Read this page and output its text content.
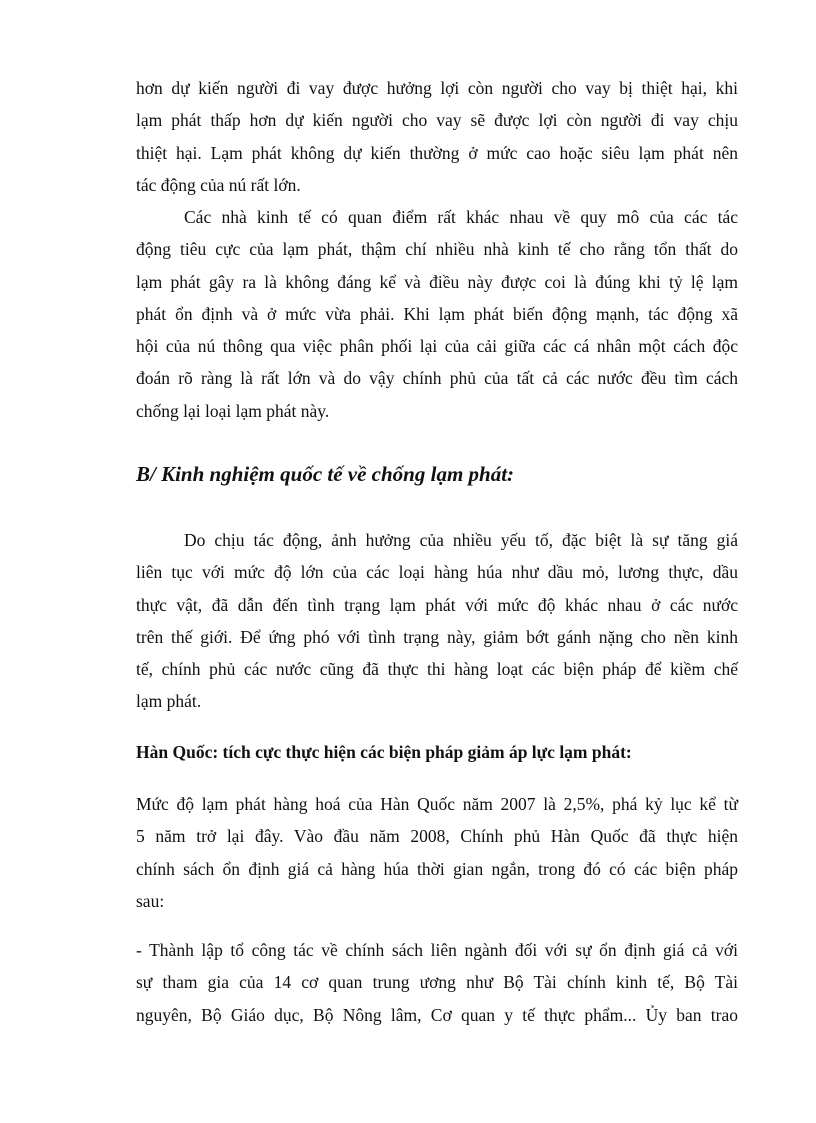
hơn dự kiến người đi vay được hưởng lợi còn người cho vay bị thiệt hại, khi
lạm phát thấp hơn dự kiến người cho vay sẽ được lợi còn người đi vay chịu
thiệt hại. Lạm phát không dự kiến thường ở mức cao hoặc siêu lạm phát nên
tác động của nú rất lớn.
Các nhà kinh tế có quan điểm rất khác nhau về quy mô của các tác
động tiêu cực của lạm phát, thậm chí nhiều nhà kinh tế cho rằng tổn thất do
lạm phát gây ra là không đáng kể và điều này được coi là đúng khi tỷ lệ lạm
phát ổn định và ở mức vừa phải. Khi lạm phát biến động mạnh, tác động xã
hội của nú thông qua việc phân phối lại của cải giữa các cá nhân một cách độc
đoán rõ ràng là rất lớn và do vậy chính phủ của tất cả các nước đều tìm cách
chống lại loại lạm phát này.
B/ Kinh nghiệm quốc tế về chống lạm phát:
Do chịu tác động, ảnh hưởng của nhiều yếu tố, đặc biệt là sự tăng giá
liên tục với mức độ lớn của các loại hàng húa như dầu mỏ, lương thực, dầu
thực vật, đã dẫn đến tình trạng lạm phát với mức độ khác nhau ở các nước
trên thế giới. Để ứng phó với tình trạng này, giảm bớt gánh nặng cho nền kinh
tế, chính phủ các nước cũng đã thực thi hàng loạt các biện pháp để kiềm chế
lạm phát.
Hàn Quốc: tích cực thực hiện các biện pháp giảm áp lực lạm phát:
Mức độ lạm phát hàng hoá của Hàn Quốc năm 2007 là 2,5%, phá kỷ lục kể từ
5 năm trở lại đây. Vào đầu năm 2008, Chính phủ Hàn Quốc đã thực hiện
chính sách ổn định giá cả hàng húa thời gian ngắn, trong đó có các biện pháp
sau:
- Thành lập tổ công tác về chính sách liên ngành đối với sự ổn định giá cả với
sự tham gia của 14 cơ quan trung ương như Bộ Tài chính kinh tế, Bộ Tài
nguyên, Bộ Giáo dục, Bộ Nông lâm, Cơ quan y tế thực phẩm... Ủy ban trao
